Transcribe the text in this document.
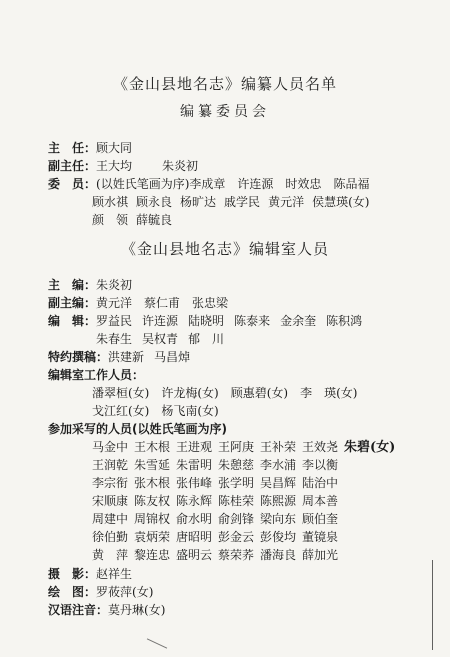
《金山县地名志》编纂人员名单
编纂委员会
主　任：顾大同
副主任：王大均	朱炎初
委　员：(以姓氏笔画为序)李成章 许连源 时效忠 陈品福
顾水祺 顾永良 杨旷达 戚学民 黄元洋 侯慧瑛(女)
颜　领 薛毓良
《金山县地名志》编辑室人员
主　编：朱炎初
副主编：黄元洋 蔡仁甫 张忠梁
编　辑：罗益民 许连源 陆晓明 陈泰来 金余奎 陈积鸿
朱春生 吴权青 郁　川
特约撰稿：洪建新 马昌焯
编辑室工作人员：
潘翠桓(女) 许龙梅(女) 顾惠碧(女) 李　瑛(女)
戈江红(女) 杨飞南(女)
参加采写的人员(以姓氏笔画为序)
马金中 王木根 王进观 王阿庚 王补荣 王效尧 朱碧(女)
王润乾 朱雪延 朱雷明 朱憩慈 李水浦 李以衡
李宗衔 张木根 张伟峰 张学明 吴昌辉 陆治中
宋顺康 陈友权 陈永辉 陈桂荣 陈熙源 周本善
周建中 周锦权 俞水明 俞剑锋 梁向东 顾伯奎
徐伯勤 袁炳荣 唐昭明 彭金云 彭俊均 董镜泉
黄　萍 黎连忠 盛明云 蔡荣荞 潘海良 薛加光
摄　影：赵祥生
绘　图：罗莜萍(女)
汉语注音：莫丹琳(女)
